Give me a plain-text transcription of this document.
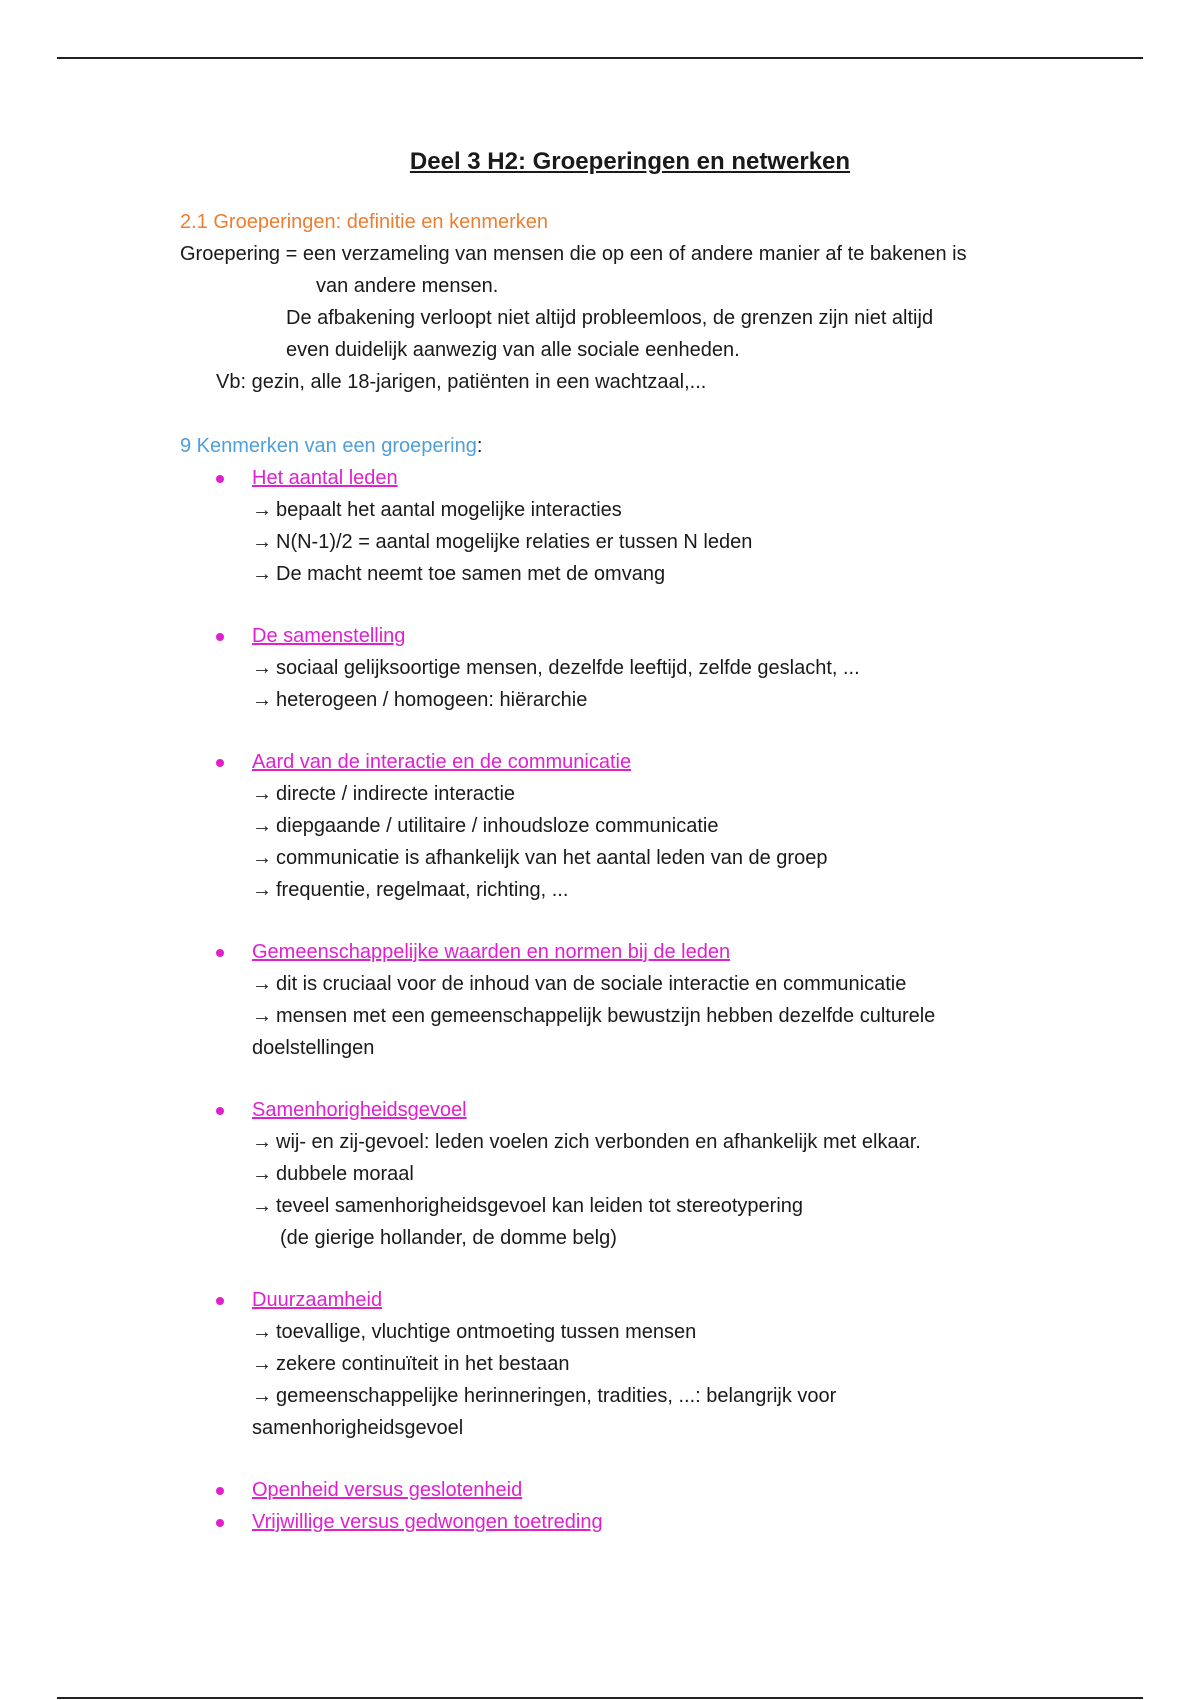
Deel 3 H2: Groeperingen en netwerken
2.1 Groeperingen: definitie en kenmerken
Groepering = een verzameling van mensen die op een of andere manier af te bakenen is
van andere mensen.
De afbakening verloopt niet altijd probleemloos, de grenzen zijn niet altijd
even duidelijk aanwezig van alle sociale eenheden.
Vb: gezin, alle 18-jarigen, patiënten in een wachtzaal,...
9 Kenmerken van een groepering:
Het aantal leden
→ bepaalt het aantal mogelijke interacties
→ N(N-1)/2 = aantal mogelijke relaties er tussen N leden
→ De macht neemt toe samen met de omvang
De samenstelling
→ sociaal gelijksoortige mensen, dezelfde leeftijd, zelfde geslacht, ...
→ heterogeen / homogeen: hiërarchie
Aard van de interactie en de communicatie
→ directe / indirecte interactie
→ diepgaande / utilitaire / inhoudsloze communicatie
→ communicatie is afhankelijk van het aantal leden van de groep
→ frequentie, regelmaat, richting, ...
Gemeenschappelijke waarden en normen bij de leden
→ dit is cruciaal voor de inhoud van de sociale interactie en communicatie
→ mensen met een gemeenschappelijk bewustzijn hebben dezelfde culturele doelstellingen
Samenhorigheidsgevoel
→ wij- en zij-gevoel: leden voelen zich verbonden en afhankelijk met elkaar.
→ dubbele moraal
→ teveel samenhorigheidsgevoel kan leiden tot stereotypering
(de gierige hollander, de domme belg)
Duurzaamheid
→ toevallige, vluchtige ontmoeting tussen mensen
→ zekere continuïteit in het bestaan
→ gemeenschappelijke herinneringen, tradities, ...: belangrijk voor samenhorigheidsgevoel
Openheid versus geslotenheid
Vrijwillige versus gedwongen toetreding
